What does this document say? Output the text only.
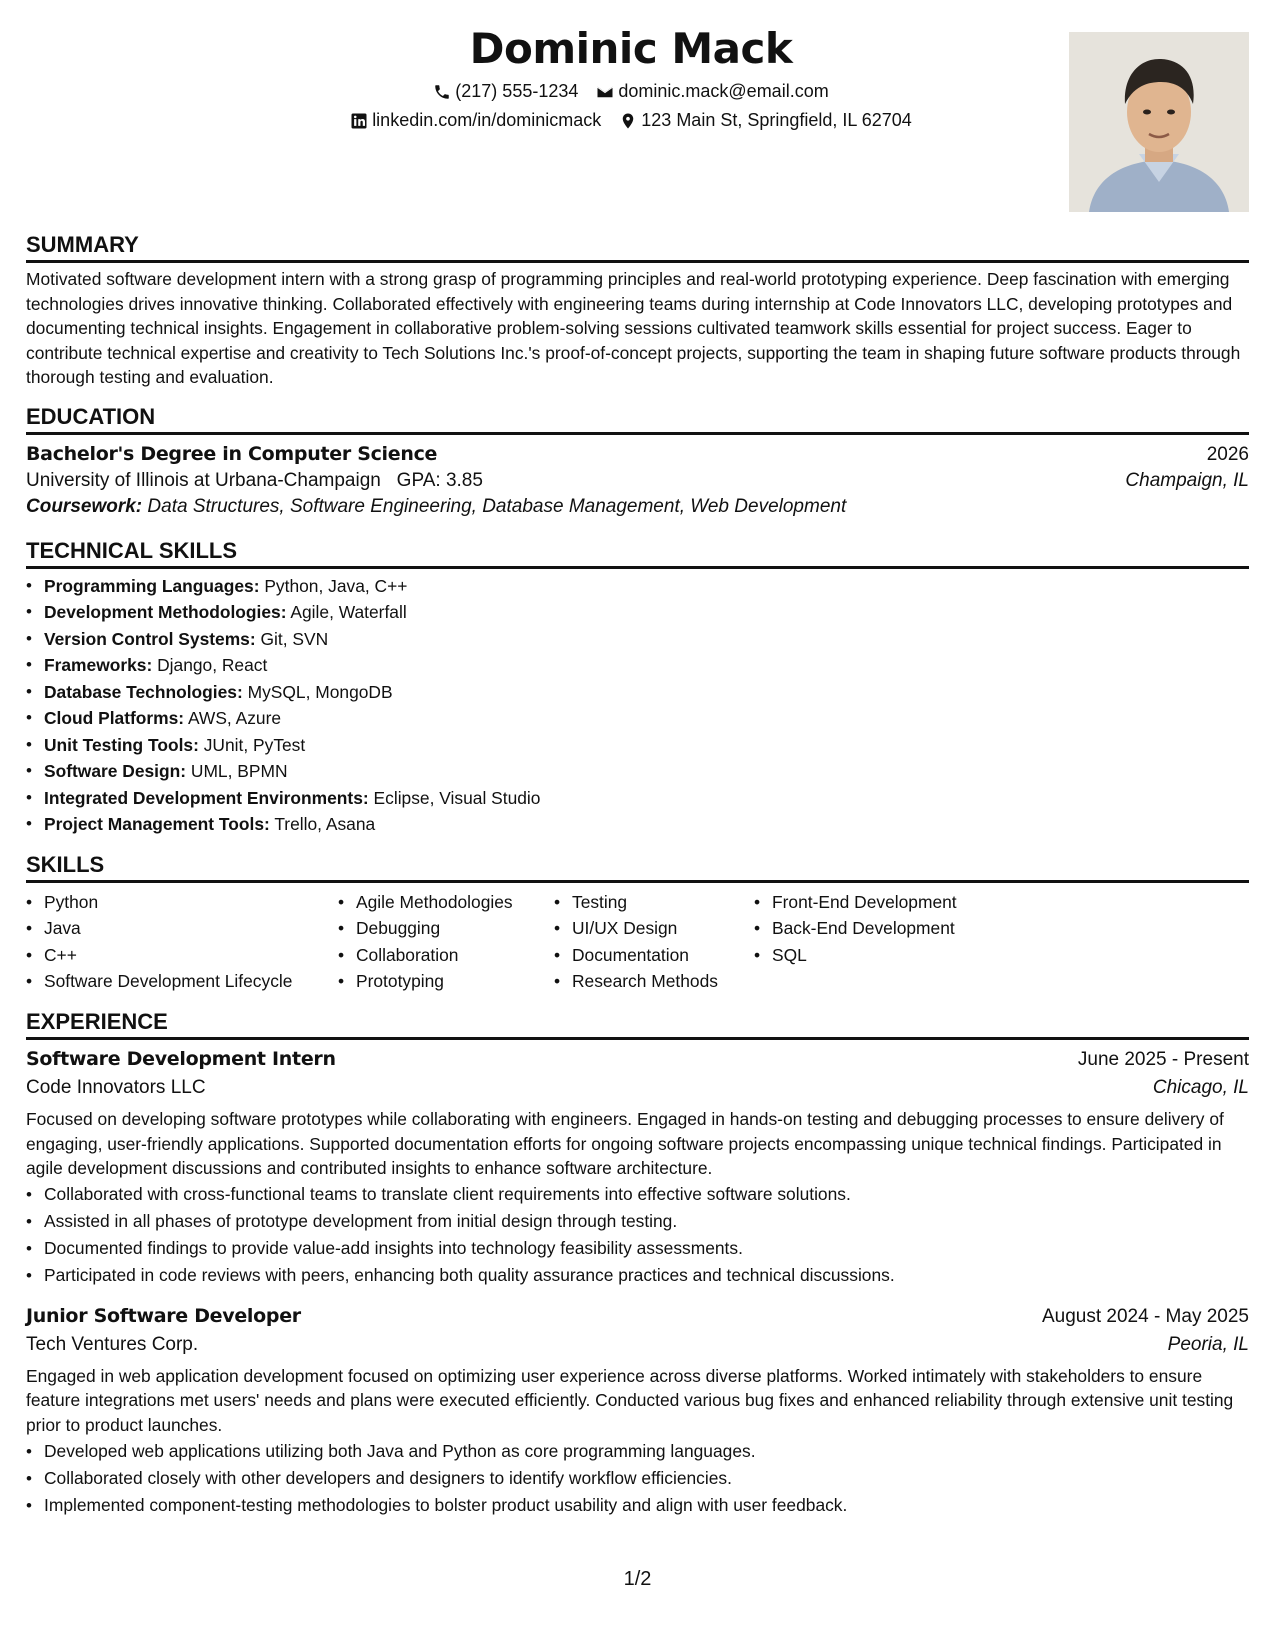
Dominic Mack
(217) 555-1234 dominic.mack@email.com
linkedin.com/in/dominicmack 123 Main St, Springfield, IL 62704
SUMMARY

Motivated software development intern with a strong grasp of programming principles and real-world prototyping experience. Deep fascination with emerging technologies drives innovative thinking. Collaborated effectively with engineering teams during internship at Code Innovators LLC, developing prototypes and documenting technical insights. Engagement in collaborative problem-solving sessions cultivated teamwork skills essential for project success. Eager to contribute technical expertise and creativity to Tech Solutions Inc.'s proof-of-concept projects, supporting the team in shaping future software products through thorough testing and evaluation.

EDUCATION
Bachelor's Degree in Computer Science	2026
University of Illinois at Urbana-Champaign GPA: 3.85	Champaign, IL
Coursework: Data Structures, Software Engineering, Database Management, Web Development
TECHNICAL SKILLS
• Programming Languages: Python, Java, C++
• Development Methodologies: Agile, Waterfall
• Version Control Systems: Git, SVN
• Frameworks: Django, React
• Database Technologies: MySQL, MongoDB
• Cloud Platforms: AWS, Azure
• Unit Testing Tools: JUnit, PyTest
• Software Design: UML, BPMN
• Integrated Development Environments: Eclipse, Visual Studio
• Project Management Tools: Trello, Asana
SKILLS
• Python
• Java
• C++
• Software Development Lifecycle
• Agile Methodologies
• Debugging
• Collaboration
• Prototyping
• Testing
• UI/UX Design
• Documentation
• Research Methods
• Front-End Development
• Back-End Development
• SQL
EXPERIENCE
Software Development Intern	June 2025 - Present
Code Innovators LLC	Chicago, IL

Focused on developing software prototypes while collaborating with engineers. Engaged in hands-on testing and debugging processes to ensure delivery of engaging, user-friendly applications. Supported documentation efforts for ongoing software projects encompassing unique technical findings. Participated in agile development discussions and contributed insights to enhance software architecture.

• Collaborated with cross-functional teams to translate client requirements into effective software solutions.
• Assisted in all phases of prototype development from initial design through testing.
• Documented findings to provide value-add insights into technology feasibility assessments.
• Participated in code reviews with peers, enhancing both quality assurance practices and technical discussions.
Junior Software Developer	August 2024 - May 2025
Tech Ventures Corp.	Peoria, IL

Engaged in web application development focused on optimizing user experience across diverse platforms. Worked intimately with stakeholders to ensure feature integrations met users' needs and plans were executed efficiently. Conducted various bug fixes and enhanced reliability through extensive unit testing prior to product launches.

• Developed web applications utilizing both Java and Python as core programming languages.
• Collaborated closely with other developers and designers to identify workflow efficiencies.
• Implemented component-testing methodologies to bolster product usability and align with user feedback.
1/2
